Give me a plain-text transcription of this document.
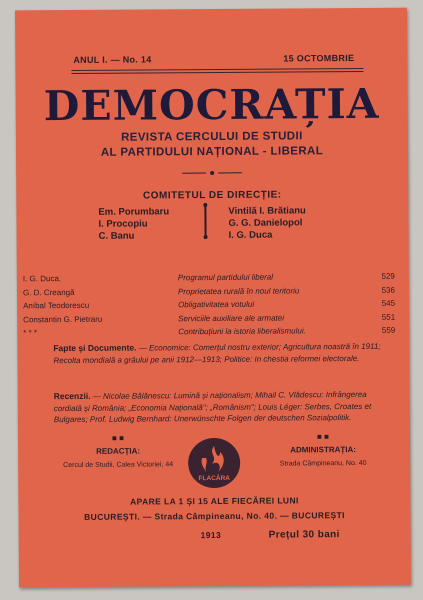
ANUL I. — No. 14	15 OCTOMBRIE
DEMOCRAȚIA
REVISTA CERCULUI DE STUDII
AL PARTIDULUI NAȚIONAL - LIBERAL
COMITETUL DE DIRECȚIE:
Em. Porumbaru
I. Procopiu
C. Banu
Vintilă I. Brătianu
G. G. Danielopol
I. G. Duca
I. G. Duca.	Programul partidului liberal	529
G. D. Creangă	Proprietatea rurală în noul teritoriu	536
Aníbal Teodorescu	Obligativitatea votului	545
Constantin G. Pietraru	Serviciile auxiliare ale armatei	551
* * *	Contribuțiuni la istoria liberalismului.	559
Fapte și Documente. — Economice: Comerțul nostru exterior; Agricultura noastră în 1911; Recolta mondială a grâului pe anii 1912—1913; Politice: In chestia reformei electorale.
Recenzii. — Nicolae Bălănescu: Lumină și naționalism; Mihail C. Vlădescu: Infrângerea cordială și România; „Economia Națională"; „Românism"; Louis Léger: Serbes, Croates et Bulgares; Prof. Ludwig Bernhard: Unerwünschte Folgen der deutschen Sozialpolitik.
■ ■
REDACȚIA:
Cercul de Studii, Calea Victoriei, 44
FLACĂRA
■ ■
ADMINISTRAȚIA:
Strada Câmpineanu, No. 40
APARE LA 1 ȘI 15 ALE FIECĂREI LUNI
BUCUREȘTI. — Strada Câmpineanu, No. 40. — BUCUREȘTI
1913	Prețul 30 bani
